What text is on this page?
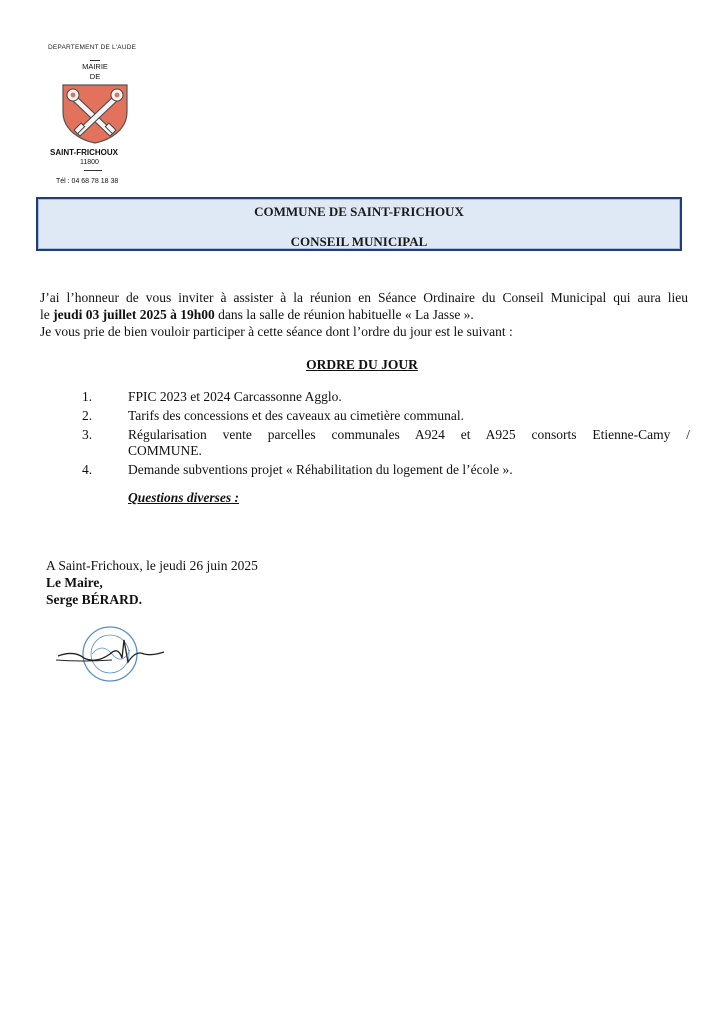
DEPARTEMENT DE L'AUDE
MAIRIE
DE
SAINT-FRICHOUX
11800
Tél : 04 68 78 18 38
COMMUNE DE SAINT-FRICHOUX
CONSEIL MUNICIPAL

J’ai l’honneur de vous inviter à assister à la réunion en Séance Ordinaire du Conseil Municipal qui aura lieu

le jeudi 03 juillet 2025 à 19h00 dans la salle de réunion habituelle « La Jasse ».

Je vous prie de bien vouloir participer à cette séance dont l’ordre du jour est le suivant :

ORDRE DU JOUR
1.	FPIC 2023 et 2024 Carcassonne Agglo.
2.	Tarifs des concessions et des caveaux au cimetière communal.
3.	Régularisation vente parcelles communales A924 et A925 consorts Etienne-Camy /
COMMUNE.
4.	Demande subventions projet « Réhabilitation du logement de l’école ».
Questions diverses :

A Saint-Frichoux, le jeudi 26 juin 2025

Le Maire,

Serge BÉRARD.
